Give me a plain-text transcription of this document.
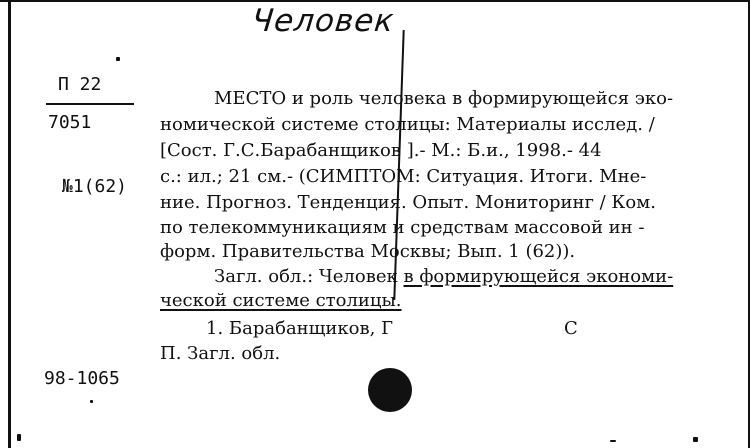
Человек
П 22
7051
№1(62)
98-1065
МЕСТО и роль человека в формирующейся эко-
номической системе столицы: Материалы исслед. /
[Сост. Г.С.Барабанщиков ].- М.: Б.и., 1998.- 44
с.: ил.; 21 см.- (СИМПТОМ: Ситуация. Итоги. Мне-
ние. Прогноз. Тенденция. Опыт. Мониторинг / Ком.
по телекоммуникациям и средствам массовой ин -
форм. Правительства Москвы; Вып. 1 (62)).
Загл. обл.: Человек в формирующейся экономи-
ческой системе столицы.
1. Барабанщиков, Г	С
П. Загл. обл.
